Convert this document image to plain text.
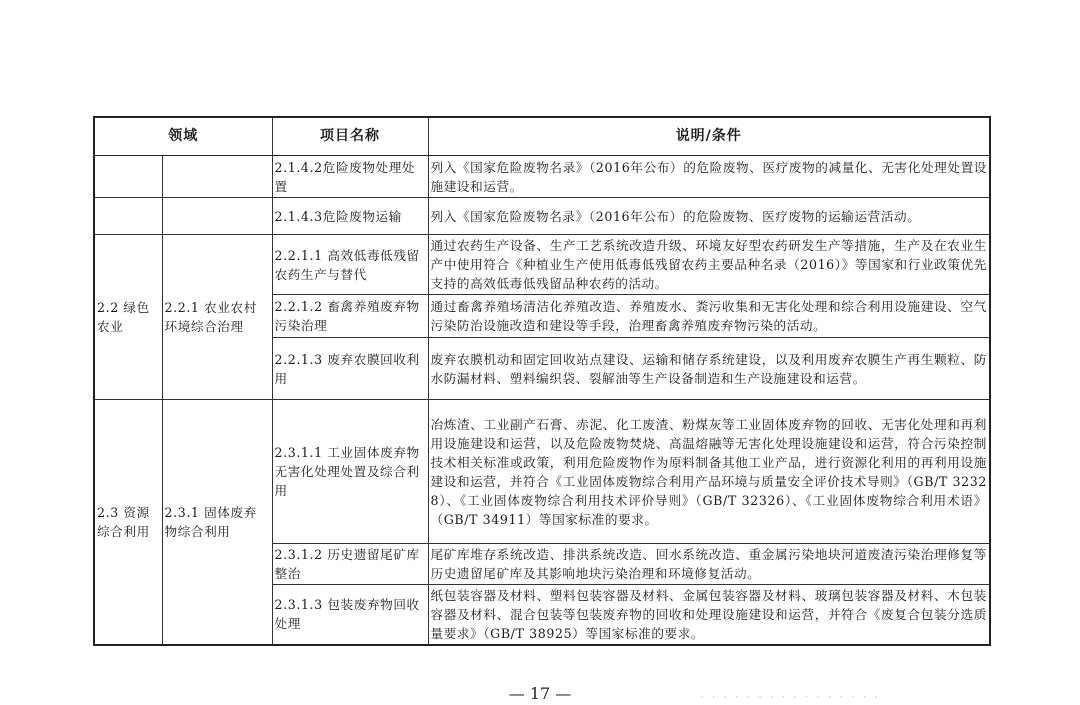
领域		项目名称	说明/条件
		2.1.4.2危险废物处理处置	列入《国家危险废物名录》（2016年公布）的危险废物、医疗废物的减量化、无害化处理处置设施建设和运营。
		2.1.4.3危险废物运输	列入《国家危险废物名录》（2016年公布）的危险废物、医疗废物的运输运营活动。
2.2 绿色农业	2.2.1 农业农村环境综合治理	2.2.1.1 高效低毒低残留农药生产与替代	通过农药生产设备、生产工艺系统改造升级、环境友好型农药研发生产等措施，生产及在农业生产中使用符合《种植业生产使用低毒低残留农药主要品种名录（2016）》等国家和行业政策优先支持的高效低毒低残留品种农药的活动。
		2.2.1.2 畜禽养殖废弃物污染治理	通过畜禽养殖场清洁化养殖改造、养殖废水、粪污收集和无害化处理和综合利用设施建设、空气污染防治设施改造和建设等手段，治理畜禽养殖废弃物污染的活动。
		2.2.1.3 废弃农膜回收利用	废弃农膜机动和固定回收站点建设、运输和储存系统建设，以及利用废弃农膜生产再生颗粒、防水防漏材料、塑料编织袋、裂解油等生产设备制造和生产设施建设和运营。
2.3 资源综合利用	2.3.1 固体废弃物综合利用	2.3.1.1 工业固体废弃物无害化处理处置及综合利用	冶炼渣、工业副产石膏、赤泥、化工废渣、粉煤灰等工业固体废弃物的回收、无害化处理和再利用设施建设和运营，以及危险废物焚烧、高温熔融等无害化处理设施建设和运营，符合污染控制技术相关标准或政策，利用危险废物作为原料制备其他工业产品，进行资源化利用的再利用设施建设和运营，并符合《工业固体废物综合利用产品环境与质量安全评价技术导则》（GB/T 32328）、《工业固体废物综合利用技术评价导则》（GB/T 32326）、《工业固体废物综合利用术语》（GB/T 34911）等国家标准的要求。
		2.3.1.2 历史遗留尾矿库整治	尾矿库堆存系统改造、排洪系统改造、回水系统改造、重金属污染地块河道废渣污染治理修复等历史遗留尾矿库及其影响地块污染治理和环境修复活动。
		2.3.1.3 包装废弃物回收处理	纸包装容器及材料、塑料包装容器及材料、金属包装容器及材料、玻璃包装容器及材料、木包装容器及材料、混合包装等包装废弃物的回收和处理设施建设和运营，并符合《废复合包装分选质量要求》（GB/T 38925）等国家标准的要求。
— 17 —	· · · · · · · · · · · · · · · ·
